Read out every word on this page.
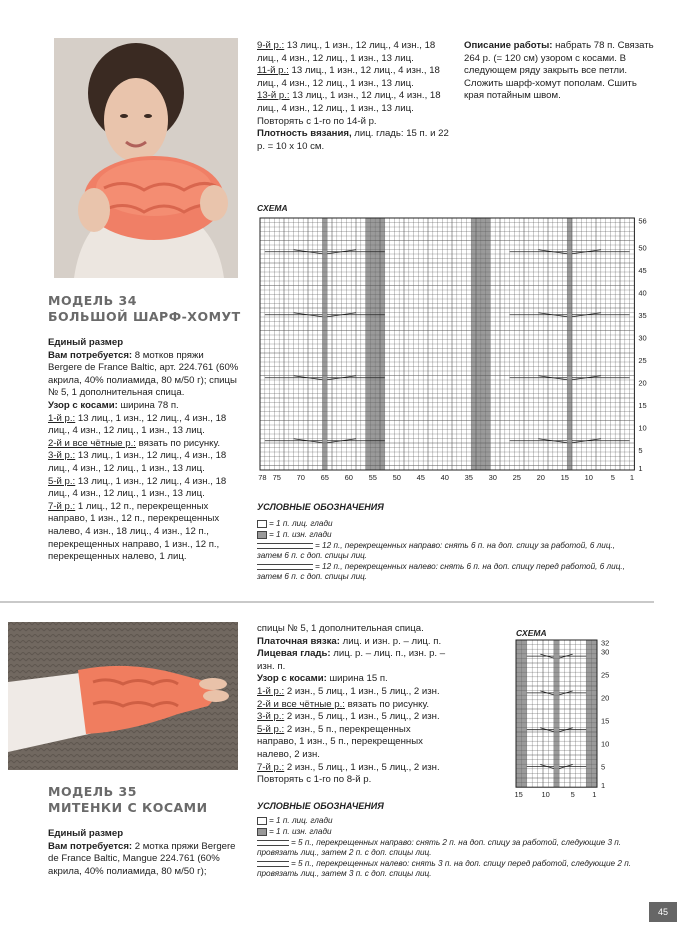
МОДЕЛЬ 34
БОЛЬШОЙ ШАРФ-ХОМУТ

Единый размер

Вам потребуется: 8 мотков пряжи Bergere de France Baltic, арт. 224.761 (60% акрила, 40% полиамида, 80 м/50 г); спицы № 5, 1 дополнительная спица.

Узор с косами: ширина 78 п.

1-й р.: 13 лиц., 1 изн., 12 лиц., 4 изн., 18 лиц., 4 изн., 12 лиц., 1 изн., 13 лиц.

2-й и все чётные р.: вязать по рисунку.

3-й р.: 13 лиц., 1 изн., 12 лиц., 4 изн., 18 лиц., 4 изн., 12 лиц., 1 изн., 13 лиц.

5-й р.: 13 лиц., 1 изн., 12 лиц., 4 изн., 18 лиц., 4 изн., 12 лиц., 1 изн., 13 лиц.

7-й р.: 1 лиц., 12 п., перекрещенных направо, 1 изн., 12 п., перекрещенных налево, 4 изн., 18 лиц., 4 изн., 12 п., перекрещенных направо, 1 изн., 12 п., перекрещенных налево, 1 лиц.

9-й р.: 13 лиц., 1 изн., 12 лиц., 4 изн., 18 лиц., 4 изн., 12 лиц., 1 изн., 13 лиц.

11-й р.: 13 лиц., 1 изн., 12 лиц., 4 изн., 18 лиц., 4 изн., 12 лиц., 1 изн., 13 лиц.

13-й р.: 13 лиц., 1 изн., 12 лиц., 4 изн., 18 лиц., 4 изн., 12 лиц., 1 изн., 13 лиц.

Повторять с 1-го по 14-й р.

Плотность вязания, лиц. гладь: 15 п. и 22 р. = 10 х 10 см.

Описание работы: набрать 78 п. Связать 264 р. (= 120 см) узором с косами. В следующем ряду закрыть все петли. Сложить шарф-хомут пополам. Сшить края потайным швом.

СХЕМА
78 75 70 65 60 55 50 45 40 35 30 25 20 15 10 5 1
56
50
45
40
35
30
25
20
15
10
5
1
УСЛОВНЫЕ ОБОЗНАЧЕНИЯ
= 1 п. лиц. глади
= 1 п. изн. глади
= 12 п., перекрещенных направо: снять 6 п. на доп. спицу за работой, 6 лиц., затем 6 п. с доп. спицы лиц.
= 12 п., перекрещенных налево: снять 6 п. на доп. спицу перед работой, 6 лиц., затем 6 п. с доп. спицы лиц.
МОДЕЛЬ 35
МИТЕНКИ С КОСАМИ

Единый размер

Вам потребуется: 2 мотка пряжи Bergere de France Baltic, Mangue 224.761 (60% акрила, 40% полиамида, 80 м/50 г);

спицы № 5, 1 дополнительная спица.

Платочная вязка: лиц. и изн. р. – лиц. п.

Лицевая гладь: лиц. р. – лиц. п., изн. р. – изн. п.

Узор с косами: ширина 15 п.

1-й р.: 2 изн., 5 лиц., 1 изн., 5 лиц., 2 изн.

2-й и все чётные р.: вязать по рисунку.

3-й р.: 2 изн., 5 лиц., 1 изн., 5 лиц., 2 изн.

5-й р.: 2 изн., 5 п., перекрещенных направо, 1 изн., 5 п., перекрещенных налево, 2 изн.

7-й р.: 2 изн., 5 лиц., 1 изн., 5 лиц., 2 изн.

Повторять с 1-го по 8-й р.

СХЕМА
15 10	5 1
32
30
25
20
15
10
5
1
УСЛОВНЫЕ ОБОЗНАЧЕНИЯ
= 1 п. лиц. глади
= 1 п. изн. глади
= 5 п., перекрещенных направо: снять 2 п. на доп. спицу за работой, следующие 3 п. провязать лиц., затем 2 п. с доп. спицы лиц.
= 5 п., перекрещенных налево: снять 3 п. на доп. спицу перед работой, следующие 2 п. провязать лиц., затем 3 п. с доп. спицы лиц.
45
